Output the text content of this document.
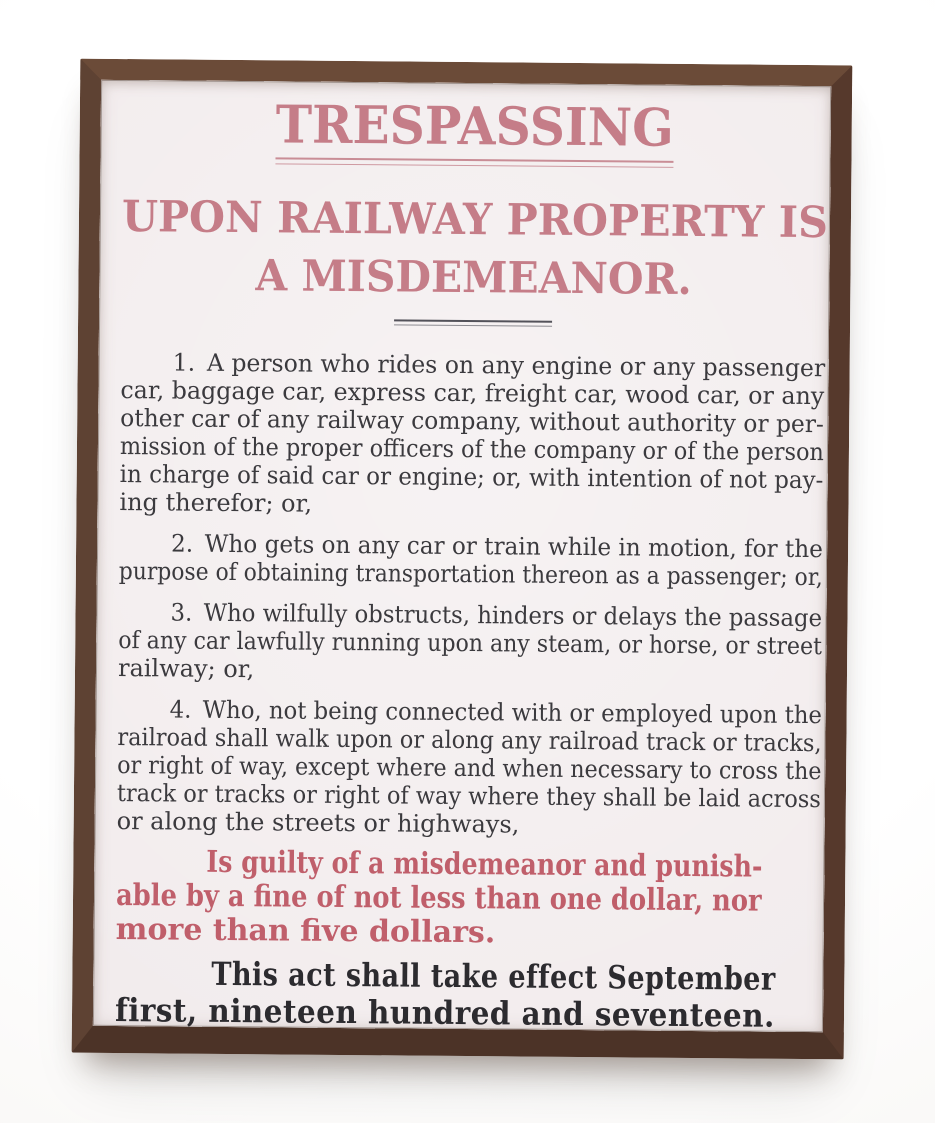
TRESPASSING
UPON RAILWAY PROPERTY IS
A MISDEMEANOR.
1. A person who rides on any engine or any passenger
car, baggage car, express car, freight car, wood car, or any
other car of any railway company, without authority or per-
mission of the proper officers of the company or of the person
in charge of said car or engine; or, with intention of not pay-
ing therefor; or,
2. Who gets on any car or train while in motion, for the
purpose of obtaining transportation thereon as a passenger; or,
3. Who wilfully obstructs, hinders or delays the passage
of any car lawfully running upon any steam, or horse, or street
railway; or,
4. Who, not being connected with or employed upon the
railroad shall walk upon or along any railroad track or tracks,
or right of way, except where and when necessary to cross the
track or tracks or right of way where they shall be laid across
or along the streets or highways,
Is guilty of a misdemeanor and punish-
able by a fine of not less than one dollar, nor
more than five dollars.
This act shall take effect September
first, nineteen hundred and seventeen.
